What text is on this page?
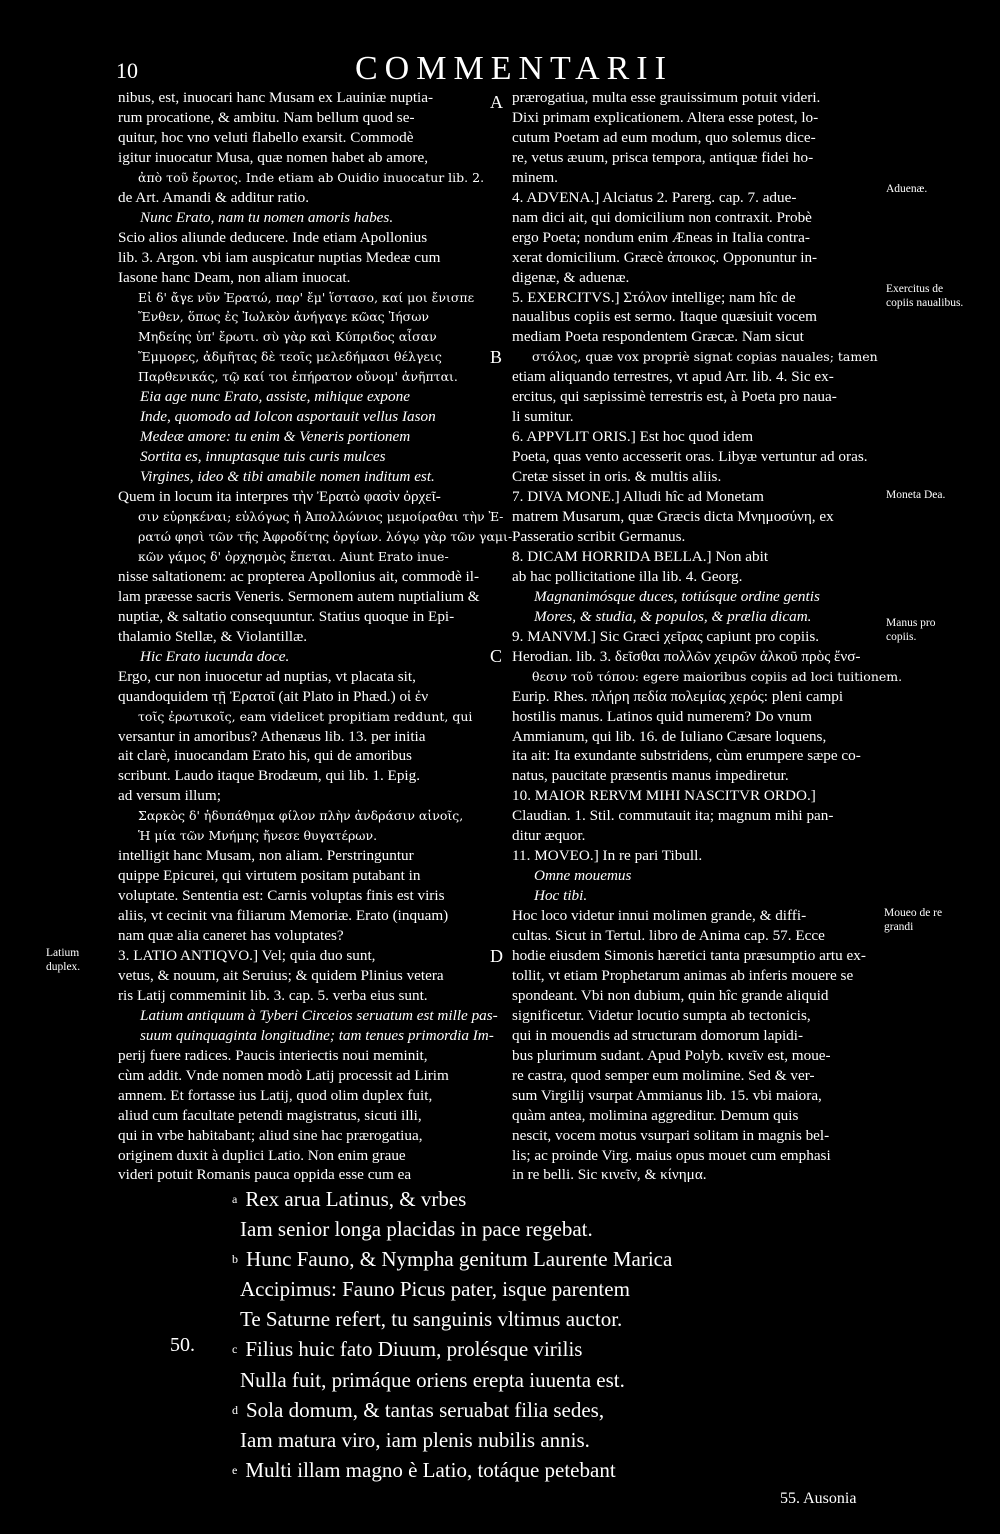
10	COMMENTARII
nibus, est, inuocari hanc Musam ex Lauiniæ nuptia-
rum procatione, & ambitu. Nam bellum quod se-
quitur, hoc vno veluti flabello exarsit. Commodè
igitur inuocatur Musa, quæ nomen habet ab amore,
ἀπὸ τοῦ ἔρωτος. Inde etiam ab Ouidio inuocatur lib. 2.
de Art. Amandi & additur ratio.
Nunc Erato, nam tu nomen amoris habes.
Scio alios aliunde deducere. Inde etiam Apollonius
lib. 3. Argon. vbi iam auspicatur nuptias Medeæ cum
Iasone hanc Deam, non aliam inuocat.
Εἰ δ' ἄγε νῦν Ἐρατώ, παρ' ἔμ' ἵστασο, καί μοι ἔνισπε
Ἔνθεν, ὅπως ἐς Ἰωλκὸν ἀνήγαγε κῶας Ἰήσων
Μηδείης ὑπ' ἔρωτι. σὺ γὰρ καὶ Κύπριδος αἶσαν
Ἔμμορες, ἀδμῆτας δὲ τεοῖς μελεδήμασι θέλγεις
Παρθενικάς, τῷ καί τοι ἐπήρατον οὔνομ' ἀνῆπται.
Eia age nunc Erato, assiste, mihique expone
Inde, quomodo ad Iolcon asportauit vellus Iason
Medeæ amore: tu enim & Veneris portionem
Sortita es, innuptasque tuis curis mulces
Virgines, ideo & tibi amabile nomen inditum est.
Quem in locum ita interpres τὴν Ἐρατὼ φασὶν ὀρχεῖ-
σιν εὑρηκέναι; εὐλόγως ἡ Ἀπολλώνιος μεμοίραθαι τὴν Ἐ-
ρατώ φησὶ τῶν τῆς Ἀφροδίτης ὀργίων. λόγῳ γὰρ τῶν γαμι-
κῶν γάμος δ' ὀρχησμὸς ἔπεται. Aiunt Erato inue-
nisse saltationem: ac propterea Apollonius ait, commodè il-
lam præesse sacris Veneris. Sermonem autem nuptialium &
nuptiæ, & saltatio consequuntur. Statius quoque in Epi-
thalamio Stellæ, & Violantillæ.
Hic Erato iucunda doce.
Ergo, cur non inuocetur ad nuptias, vt placata sit,
quandoquidem τῇ Ἐρατοῖ (ait Plato in Phæd.) οἱ ἐν
τοῖς ἐρωτικοῖς, eam videlicet propitiam reddunt, qui
versantur in amoribus? Athenæus lib. 13. per initia
ait clarè, inuocandam Erato his, qui de amoribus
scribunt. Laudo itaque Brodæum, qui lib. 1. Epig.
ad versum illum;
Σαρκὸς δ' ἡδυπάθημα φίλον πλὴν ἀνδράσιν αἰνοῖς,
Ἡ μία τῶν Μνήμης ἤνεσε θυγατέρων.
intelligit hanc Musam, non aliam. Perstringuntur
quippe Epicurei, qui virtutem positam putabant in
voluptate. Sententia est: Carnis voluptas finis est viris
aliis, vt cecinit vna filiarum Memoriæ. Erato (inquam)
nam quæ alia caneret has voluptates?
3. LATIO ANTIQVO.] Vel; quia duo sunt,
vetus, & nouum, ait Seruius; & quidem Plinius vetera
ris Latij commeminit lib. 3. cap. 5. verba eius sunt.
Latium antiquum à Tyberi Circeios seruatum est mille pas-
suum quinquaginta longitudine; tam tenues primordia Im-
perij fuere radices. Paucis interiectis noui meminit,
cùm addit. Vnde nomen modò Latij processit ad Lirim
amnem. Et fortasse ius Latij, quod olim duplex fuit,
aliud cum facultate petendi magistratus, sicuti illi,
qui in vrbe habitabant; aliud sine hac prærogatiua,
originem duxit à duplici Latio. Non enim graue
videri potuit Romanis pauca oppida esse cum ea
prærogatiua, multa esse grauissimum potuit videri.
Dixi primam explicationem. Altera esse potest, lo-
cutum Poetam ad eum modum, quo solemus dice-
re, vetus æuum, prisca tempora, antiquæ fidei ho-
minem.
4. ADVENA.] Alciatus 2. Parerg. cap. 7. adue-
nam dici ait, qui domicilium non contraxit. Probè
ergo Poeta; nondum enim Æneas in Italia contra-
xerat domicilium. Græcè ἀποικος. Opponuntur in-
digenæ, & aduenæ.
5. EXERCITVS.] Στόλον intellige; nam hîc de
naualibus copiis est sermo. Itaque quæsiuit vocem
mediam Poeta respondentem Græcæ. Nam sicut
στόλος, quæ vox propriè signat copias nauales; tamen
etiam aliquando terrestres, vt apud Arr. lib. 4. Sic ex-
ercitus, qui sæpissimè terrestris est, à Poeta pro naua-
li sumitur.
6. APPVLIT ORIS.] Est hoc quod idem
Poeta, quas vento accesserit oras. Libyæ vertuntur ad oras.
Cretæ sisset in oris. & multis aliis.
7. DIVA MONE.] Alludi hîc ad Monetam
matrem Musarum, quæ Græcis dicta Μνημοσύνη, ex
Passeratio scribit Germanus.
8. DICAM HORRIDA BELLA.] Non abit
ab hac pollicitatione illa lib. 4. Georg.
Magnanimósque duces, totiúsque ordine gentis
Mores, & studia, & populos, & prælia dicam.
9. MANVM.] Sic Græci χεῖρας capiunt pro copiis.
Herodian. lib. 3. δεῖσθαι πολλῶν χειρῶν ἀλκοῦ πρὸς ἔνσ-
θεσιν τοῦ τόπου: egere maioribus copiis ad loci tuitionem.
Eurip. Rhes. πλήρη πεδία πολεμίας χερός: pleni campi
hostilis manus. Latinos quid numerem? Do vnum
Ammianum, qui lib. 16. de Iuliano Cæsare loquens,
ita ait: Ita exundante substridens, cùm erumpere sæpe co-
natus, paucitate præsentis manus impediretur.
10. MAIOR RERVM MIHI NASCITVR ORDO.]
Claudian. 1. Stil. commutauit ita; magnum mihi pan-
ditur æquor.
11. MOVEO.] In re pari Tibull.
Omne mouemus
Hoc tibi.
Hoc loco videtur innui molimen grande, & diffi-
cultas. Sicut in Tertul. libro de Anima cap. 57. Ecce
hodie eiusdem Simonis hæretici tanta præsumptio artu ex-
tollit, vt etiam Prophetarum animas ab inferis mouere se
spondeant. Vbi non dubium, quin hîc grande aliquid
significetur. Videtur locutio sumpta ab tectonicis,
qui in mouendis ad structuram domorum lapidi-
bus plurimum sudant. Apud Polyb. κινεῖν est, moue-
re castra, quod semper eum molimine. Sed & ver-
sum Virgilij vsurpat Ammianus lib. 15. vbi maiora,
quàm antea, molimina aggreditur. Demum quis
nescit, vocem motus vsurpari solitam in magnis bel-
lis; ac proinde Virg. maius opus mouet cum emphasi
in re belli. Sic κινεῖν, & κίνημα.
A
B
C
D
Aduenæ.
Exercitus de copiis naualibus.
Moneta Dea.
Manus pro copiis.
Moueo de re grandi
Latium duplex.
$^a$ Rex arua Latinus, & vrbes
Iam senior longa placidas in pace regebat.
$^b$ Hunc Fauno, & Nympha genitum Laurente Marica
Accipimus: Fauno Picus pater, isque parentem
Te Saturne refert, tu sanguinis vltimus auctor.
$^c$ Filius huic fato Diuum, prolésque virilis
Nulla fuit, primáque oriens erepta iuuenta est.
$^d$ Sola domum, & tantas seruabat filia sedes,
Iam matura viro, iam plenis nubilis annis.
$^e$ Multi illam magno è Latio, totáque petebant
50.
55. Ausonia
